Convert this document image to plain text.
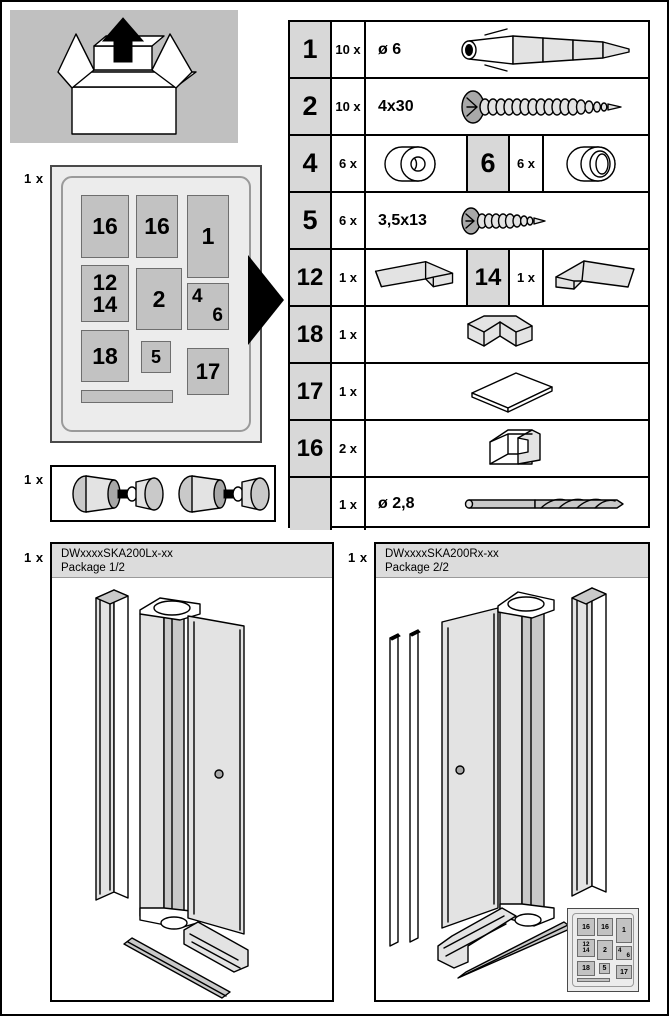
1 x
16 16 1
12
14 2 4
6
18 5
17
1 x
1	10 x	ø 6
2	10 x	4x30
4	6 x	6	6 x
5	6 x	3,5x13
12	1 x	14	1 x
18	1 x
17	1 x
16	2 x
1 x	ø 2,8
1 x DWxxxxSKA200Lx-xx
Package 1/2
1 x DWxxxxSKA200Rx-xx
Package 2/2
16 16 1
12
14 2 4
6
18 5 17
